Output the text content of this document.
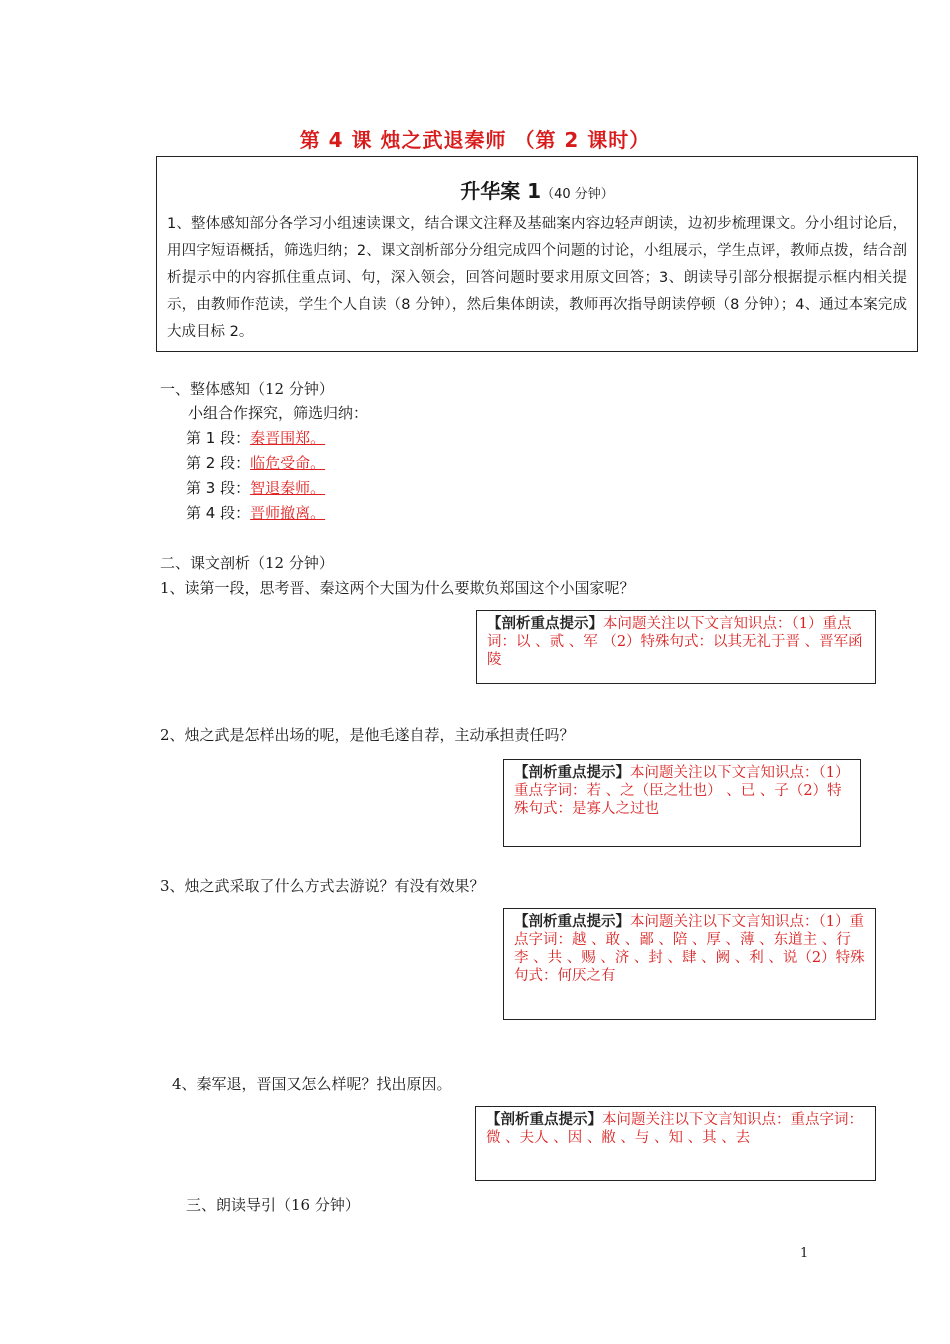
第 4 课 烛之武退秦师 （第 2 课时）
升华案 1（40 分钟）
1、整体感知部分各学习小组速读课文，结合课文注释及基础案内容边轻声朗读，边初步梳理课文。分小组讨论后，用四字短语概括，筛选归纳；2、课文剖析部分分组完成四个问题的讨论，小组展示，学生点评，教师点拨，结合剖析提示中的内容抓住重点词、句，深入领会，回答问题时要求用原文回答；3、朗读导引部分根据提示框内相关提示，由教师作范读，学生个人自读（8 分钟），然后集体朗读，教师再次指导朗读停顿（8 分钟）；4、通过本案完成大成目标 2。
一、整体感知（12 分钟）
小组合作探究，筛选归纳：
第 1 段：秦晋围郑。
第 2 段：临危受命。
第 3 段：智退秦师。
第 4 段：晋师撤离。
二、课文剖析（12 分钟）
1、读第一段，思考晋、秦这两个大国为什么要欺负郑国这个小国家呢？
【剖析重点提示】本问题关注以下文言知识点：（1）重点词：以 、贰 、军 （2）特殊句式：以其无礼于晋 、晋军函陵
2、烛之武是怎样出场的呢，是他毛遂自荐，主动承担责任吗？
【剖析重点提示】本问题关注以下文言知识点：（1）重点字词：若 、之（臣之壮也） 、已 、子（2）特殊句式：是寡人之过也
3、烛之武采取了什么方式去游说？有没有效果？
【剖析重点提示】本问题关注以下文言知识点：（1）重点字词：越 、敢 、鄙 、陪 、厚 、薄 、东道主 、行李 、共 、赐 、济 、封 、肆 、阙 、利 、说（2）特殊句式：何厌之有
4、秦军退，晋国又怎么样呢？找出原因。
【剖析重点提示】本问题关注以下文言知识点：重点字词： 微 、夫人 、因 、敝 、与 、知 、其 、去
三、朗读导引（16 分钟）
1
